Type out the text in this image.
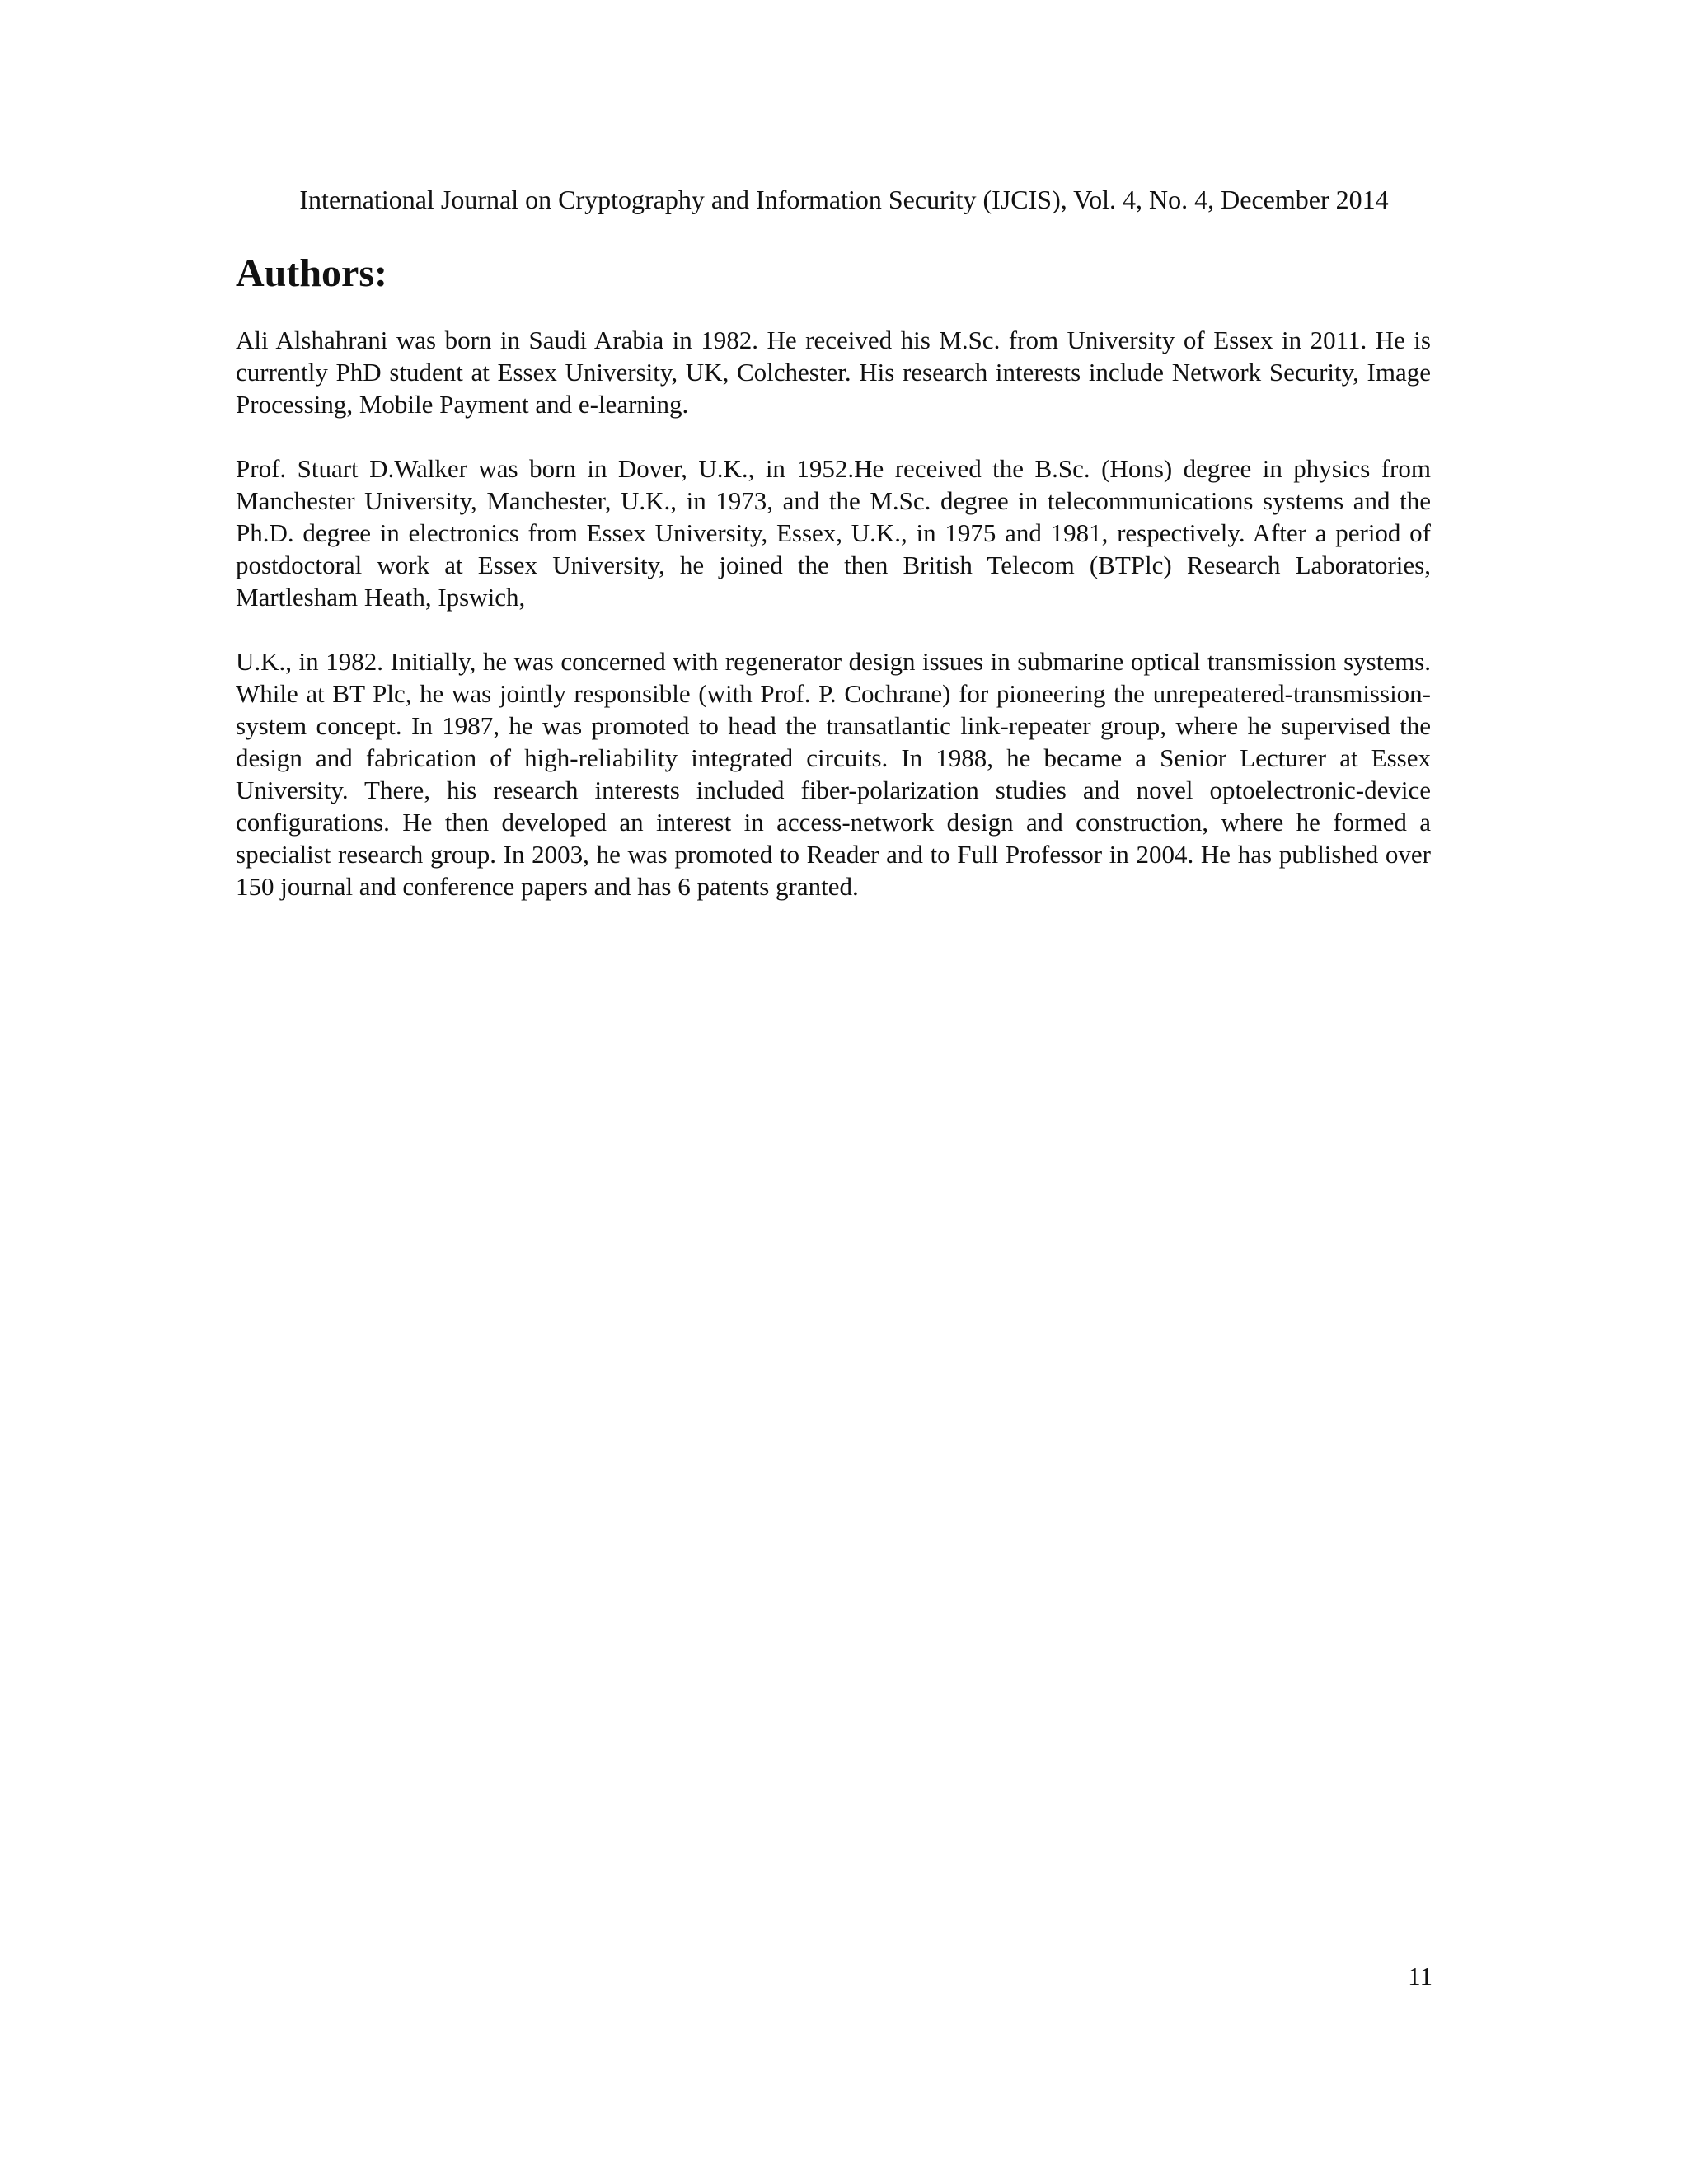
International Journal on Cryptography and Information Security (IJCIS), Vol. 4, No. 4, December 2014
Authors:

Ali Alshahrani was born in Saudi Arabia in 1982. He received his M.Sc. from University of Essex in 2011. He is currently PhD student at Essex University, UK, Colchester. His research interests include Network Security, Image Processing, Mobile Payment and e-learning.

Prof. Stuart D.Walker was born in Dover, U.K., in 1952.He received the B.Sc. (Hons) degree in physics from Manchester University, Manchester, U.K., in 1973, and the M.Sc. degree in telecommunications systems and the Ph.D. degree in electronics from Essex University, Essex, U.K., in 1975 and 1981, respectively. After a period of postdoctoral work at Essex University, he joined the then British Telecom (BTPlc) Research Laboratories, Martlesham Heath, Ipswich,

U.K., in 1982. Initially, he was concerned with regenerator design issues in submarine optical transmission systems. While at BT Plc, he was jointly responsible (with Prof. P. Cochrane) for pioneering the unrepeatered-transmission-system concept. In 1987, he was promoted to head the transatlantic link-repeater group, where he supervised the design and fabrication of high-reliability integrated circuits. In 1988, he became a Senior Lecturer at Essex University. There, his research interests included fiber-polarization studies and novel optoelectronic-device configurations. He then developed an interest in access-network design and construction, where he formed a specialist research group. In 2003, he was promoted to Reader and to Full Professor in 2004. He has published over 150 journal and conference papers and has 6 patents granted.

11
